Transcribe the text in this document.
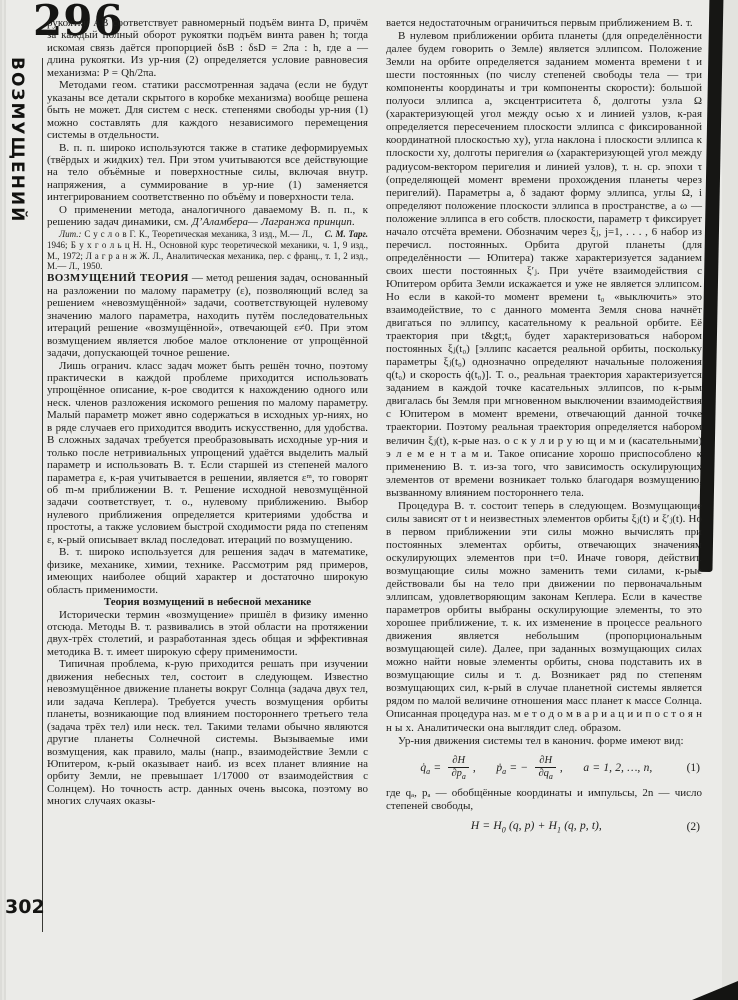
296
ВОЗМУЩЕНИЙ
302

рукоятки AB соответствует равномерный подъём винта D, причём за каждый полный оборот рукоятки подъём винта равен h; тогда искомая связь даётся пропорцией δsB : δsD = 2πa : h, где a — длина рукоятки. Из ур-ния (2) определяется условие равновесия механизма: P = Qh/2πa.

Методами геом. статики рассмотренная задача (если не будут указаны все детали скрытого в коробке механизма) вообще решена быть не может. Для систем с неск. степенями свободы ур-ния (1) можно составлять для каждого независимого перемещения системы в отдельности.

В. п. п. широко используются также в статике деформируемых (твёрдых и жидких) тел. При этом учитываются все действующие на тело объёмные и поверхностные силы, включая внутр. напряжения, а суммирование в ур-ние (1) заменяется интегрированием соответственно по объёму и поверхности тела.

О применении метода, аналогичного даваемому В. п. п., к решению задач динамики, см. Д’Аламбера— Лагранжа принцип.

С. М. Тарг.
Лит.: С у с л о в Г. К., Теоретическая механика, 3 изд., М.— Л., 1946; Б у х г о л ь ц Н. Н., Основной курс теоретической механики, ч. 1, 9 изд., М., 1972; Л а г р а н ж Ж. Л., Аналитическая механика, пер. с франц., т. 1, 2 изд., М.— Л., 1950.

ВОЗМУЩЕНИЙ ТЕОРИЯ — метод решения задач, основанный на разложении по малому параметру (ε), позволяющий вслед за решением «невозмущённой» задачи, соответствующей нулевому значению малого параметра, находить путём последовательных итераций решение «возмущённой», отвечающей ε≠0. При этом возмущением является любое малое отклонение от упрощённой задачи, допускающей точное решение.

Лишь огранич. класс задач может быть решён точно, поэтому практически в каждой проблеме приходится использовать упрощённое описание, к-рое сводится к нахождению одного или неск. членов разложения искомого решения по малому параметру. Малый параметр может явно содержаться в исходных ур-ниях, но в ряде случаев его приходится вводить искусственно, для удобства. В сложных задачах требуется преобразовывать исходные ур-ния и только после нетривиальных упрощений удаётся выделить малый параметр и использовать В. т. Если старшей из степеней малого параметра ε, к-рая учитывается в решении, является εᵐ, то говорят об m-м приближении В. т. Решение исходной невозмущённой задачи соответствует, т. о., нулевому приближению. Выбор нулевого приближения определяется критериями удобства и простоты, а также условием быстрой сходимости ряда по степеням ε, к-рый описывает вклад последоват. итераций по возмущению.

В. т. широко используется для решения задач в математике, физике, механике, химии, технике. Рассмотрим ряд примеров, имеющих наиболее общий характер и достаточно широкую область применимости.

Теория возмущений в небесной механике

Исторически термин «возмущение» пришёл в физику именно отсюда. Методы В. т. развивались в этой области на протяжении двух-трёх столетий, и разработанная здесь общая и эффективная методика В. т. имеет широкую сферу применимости.

Типичная проблема, к-рую приходится решать при изучении движения небесных тел, состоит в следующем. Известно невозмущённое движение планеты вокруг Солнца (задача двух тел, или задача Кеплера). Требуется учесть возмущения орбиты планеты, возникающие под влиянием постороннего третьего тела (задача трёх тел) или неск. тел. Такими телами обычно являются другие планеты Солнечной системы. Вызываемые ими возмущения, как правило, малы (напр., взаимодействие Земли с Юпитером, к-рый оказывает наиб. из всех планет влияние на орбиту Земли, не превышает 1/17000 от взаимодействия с Солнцем). Но точность астр. данных очень высока, поэтому во многих случаях оказы-

вается недостаточным ограничиться первым приближением В. т.

В нулевом приближении орбита планеты (для определённости далее будем говорить о Земле) является эллипсом. Положение Земли на орбите определяется заданием момента времени t и шести постоянных (по числу степеней свободы тела — три компоненты координаты и три компоненты скорости): большой полуоси эллипса a, эксцентриситета δ, долготы узла Ω (характеризующей угол между осью x и линией узлов, к-рая определяется пересечением плоскости эллипса с фиксированной координатной плоскостью xy), угла наклона i плоскости эллипса к плоскости xy, долготы перигелия ω (характеризующей угол между радиусом-вектором перигелия и линией узлов), т. н. ср. эпохи τ (определяющей момент времени прохождения планеты через перигелий). Параметры a, δ задают форму эллипса, углы Ω, i определяют положение плоскости эллипса в пространстве, а ω — положение эллипса в его собств. плоскости, параметр τ фиксирует начало отсчёта времени. Обозначим через ξⱼ, j=1, . . . , 6 набор из перечисл. постоянных. Орбита другой планеты (для определённости — Юпитера) также характеризуется заданием своих шести постоянных ξ′ⱼ. При учёте взаимодействия с Юпитером орбита Земли искажается и уже не является эллипсом. Но если в какой-то момент времени t₀ «выключить» это взаимодействие, то с данного момента Земля снова начнёт двигаться по эллипсу, касательному к реальной орбите. Её траектория при t&gt;t₀ будет характеризоваться набором постоянных ξⱼ(t₀) [эллипс касается реальной орбиты, поскольку параметры ξⱼ(t₀) однозначно определяют начальные положения q(t₀) и скорость q̇(t₀)]. Т. о., реальная траектория характеризуется заданием в каждой точке касательных эллипсов, по к-рым двигалась бы Земля при мгновенном выключении взаимодействия с Юпитером в момент времени, отвечающий данной точке траектории. Поэтому реальная траектория определяется набором величин ξⱼ(t), к-рые наз. о с к у л и р у ю щ и м и (касательными) э л е м е н т а м и. Такое описание хорошо приспособлено к применению В. т. из-за того, что зависимость оскулирующих элементов от времени возникает только благодаря возмущению, вызванному влиянием постороннего тела.

Процедура В. т. состоит теперь в следующем. Возмущающие силы зависят от t и неизвестных элементов орбиты ξⱼ(t) и ξ′ⱼ(t). Но в первом приближении эти силы можно вычислять при постоянных элементах орбиты, отвечающих значениям оскулирующих элементов при t=0. Иначе говоря, действит. возмущающие силы можно заменить теми силами, к-рые действовали бы на тело при движении по первоначальным эллипсам, удовлетворяющим законам Кеплера. Если в качестве параметров орбиты выбраны оскулирующие элементы, то это хорошее приближение, т. к. их изменение в процессе реального движения является небольшим (пропорциональным возмущающей силе). Далее, при заданных возмущающих силах можно найти новые элементы орбиты, снова подставить их в возмущающие силы и т. д. Возникает ряд по степеням возмущающих сил, к-рый в случае планетной системы является рядом по малой величине отношения масс планет к массе Солнца. Описанная процедура наз. м е т о д о м в а р и а ц и и п о с т о я н н ы х. Аналитически она выглядит след. образом.

Ур-ния движения системы тел в канонич. форме имеют вид:

$q̇_a = \frac{\partial H}{\partial p_a}$ , ṗ$_a$ = − $\frac{\partial H}{\partial q_a}$ , a = 1, 2, …, n,	(1)

где qₐ, pₐ — обобщённые координаты и импульсы, 2n — число степеней свободы,

$H = H_0$ (q, $p) + H_1$ (q, p, t),	(2)
